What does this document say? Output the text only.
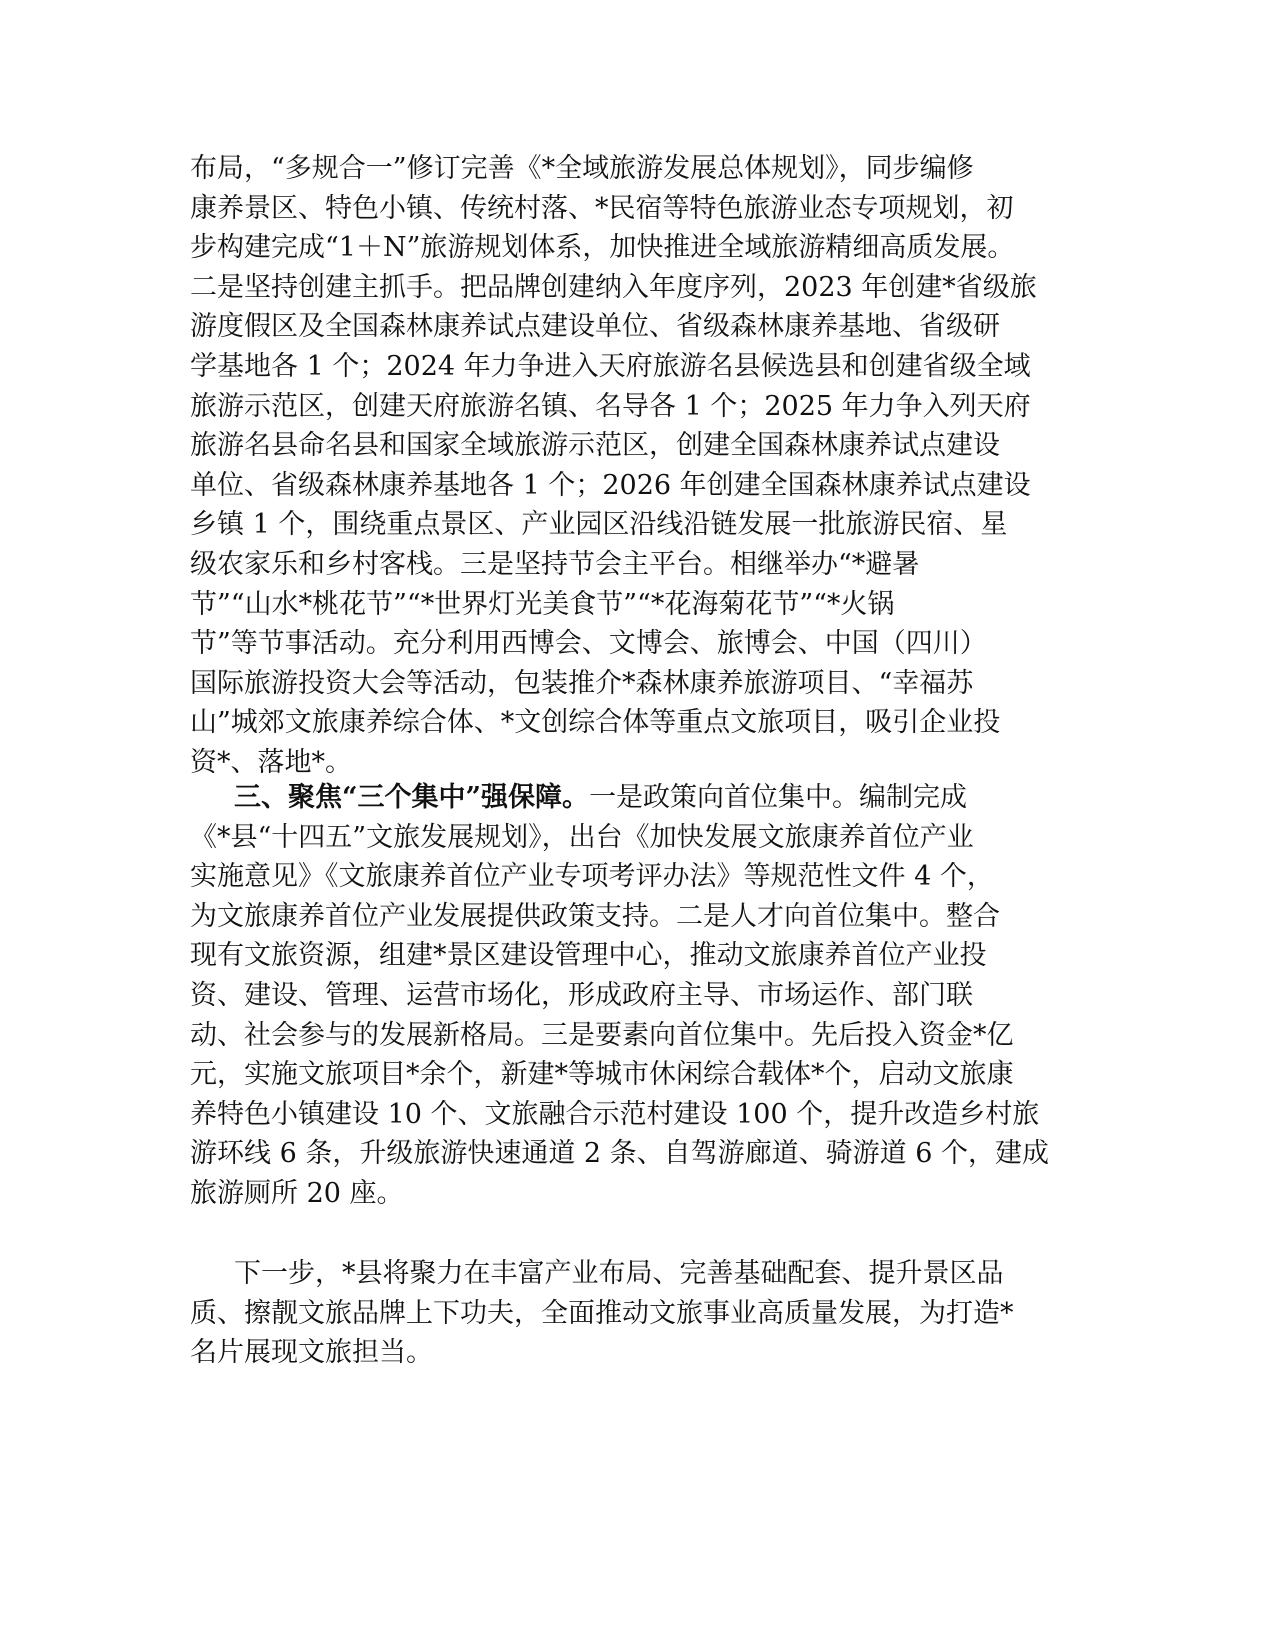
布局，“多规合一”修订完善《*全域旅游发展总体规划》，同步编修
康养景区、特色小镇、传统村落、*民宿等特色旅游业态专项规划，初
步构建完成“1＋N”旅游规划体系，加快推进全域旅游精细高质发展。
二是坚持创建主抓手。把品牌创建纳入年度序列，2023 年创建*省级旅
游度假区及全国森林康养试点建设单位、省级森林康养基地、省级研
学基地各 1 个；2024 年力争进入天府旅游名县候选县和创建省级全域
旅游示范区，创建天府旅游名镇、名导各 1 个；2025 年力争入列天府
旅游名县命名县和国家全域旅游示范区，创建全国森林康养试点建设
单位、省级森林康养基地各 1 个；2026 年创建全国森林康养试点建设
乡镇 1 个，围绕重点景区、产业园区沿线沿链发展一批旅游民宿、星
级农家乐和乡村客栈。三是坚持节会主平台。相继举办“*避暑
节”“山水*桃花节”“*世界灯光美食节”“*花海菊花节”“*火锅
节”等节事活动。充分利用西博会、文博会、旅博会、中国（四川）
国际旅游投资大会等活动，包装推介*森林康养旅游项目、“幸福苏
山”城郊文旅康养综合体、*文创综合体等重点文旅项目，吸引企业投
资*、落地*。
三、聚焦“三个集中”强保障。一是政策向首位集中。编制完成
《*县“十四五”文旅发展规划》，出台《加快发展文旅康养首位产业
实施意见》《文旅康养首位产业专项考评办法》等规范性文件 4 个，
为文旅康养首位产业发展提供政策支持。二是人才向首位集中。整合
现有文旅资源，组建*景区建设管理中心，推动文旅康养首位产业投
资、建设、管理、运营市场化，形成政府主导、市场运作、部门联
动、社会参与的发展新格局。三是要素向首位集中。先后投入资金*亿
元，实施文旅项目*余个，新建*等城市休闲综合载体*个，启动文旅康
养特色小镇建设 10 个、文旅融合示范村建设 100 个，提升改造乡村旅
游环线 6 条，升级旅游快速通道 2 条、自驾游廊道、骑游道 6 个，建成
旅游厕所 20 座。
下一步，*县将聚力在丰富产业布局、完善基础配套、提升景区品
质、擦靓文旅品牌上下功夫，全面推动文旅事业高质量发展，为打造*
名片展现文旅担当。
